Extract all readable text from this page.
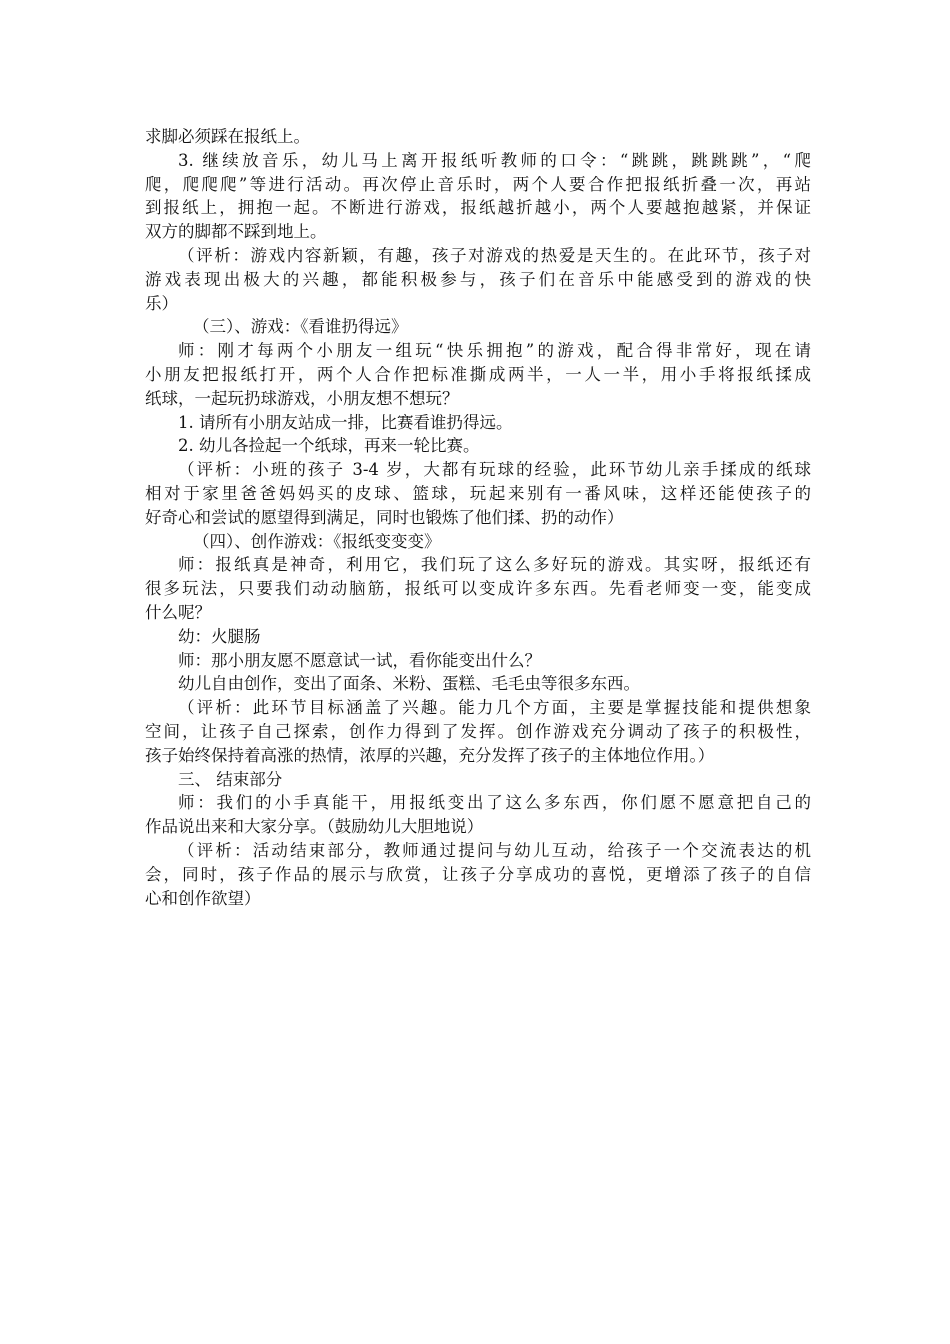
求脚必须踩在报纸上。

3. 继续放音乐，幼儿马上离开报纸听教师的口令：“跳跳，跳跳跳”，“爬
爬，爬爬爬”等进行活动。再次停止音乐时，两个人要合作把报纸折叠一次，再站
到报纸上，拥抱一起。不断进行游戏，报纸越折越小，两个人要越抱越紧，并保证
双方的脚都不踩到地上。

（评析：游戏内容新颖，有趣，孩子对游戏的热爱是天生的。在此环节，孩子对
游戏表现出极大的兴趣，都能积极参与，孩子们在音乐中能感受到的游戏的快
乐）

（三）、游戏：《看谁扔得远》

师：刚才每两个小朋友一组玩“快乐拥抱”的游戏，配合得非常好，现在请
小朋友把报纸打开，两个人合作把标准撕成两半，一人一半，用小手将报纸揉成
纸球，一起玩扔球游戏，小朋友想不想玩？

1. 请所有小朋友站成一排，比赛看谁扔得远。

2. 幼儿各捡起一个纸球，再来一轮比赛。

（评析：小班的孩子 3-4 岁，大都有玩球的经验，此环节幼儿亲手揉成的纸球
相对于家里爸爸妈妈买的皮球、篮球，玩起来别有一番风味，这样还能使孩子的
好奇心和尝试的愿望得到满足，同时也锻炼了他们揉、扔的动作）

（四）、创作游戏：《报纸变变变》

师：报纸真是神奇，利用它，我们玩了这么多好玩的游戏。其实呀，报纸还有
很多玩法，只要我们动动脑筋，报纸可以变成许多东西。先看老师变一变，能变成
什么呢？

幼：火腿肠

师：那小朋友愿不愿意试一试，看你能变出什么？

幼儿自由创作，变出了面条、米粉、蛋糕、毛毛虫等很多东西。

（评析：此环节目标涵盖了兴趣。能力几个方面，主要是掌握技能和提供想象
空间，让孩子自己探索，创作力得到了发挥。创作游戏充分调动了孩子的积极性，
孩子始终保持着高涨的热情，浓厚的兴趣，充分发挥了孩子的主体地位作用。）

三、 结束部分

师：我们的小手真能干，用报纸变出了这么多东西，你们愿不愿意把自己的
作品说出来和大家分享。（鼓励幼儿大胆地说）

（评析：活动结束部分，教师通过提问与幼儿互动，给孩子一个交流表达的机
会，同时，孩子作品的展示与欣赏，让孩子分享成功的喜悦，更增添了孩子的自信
心和创作欲望）
